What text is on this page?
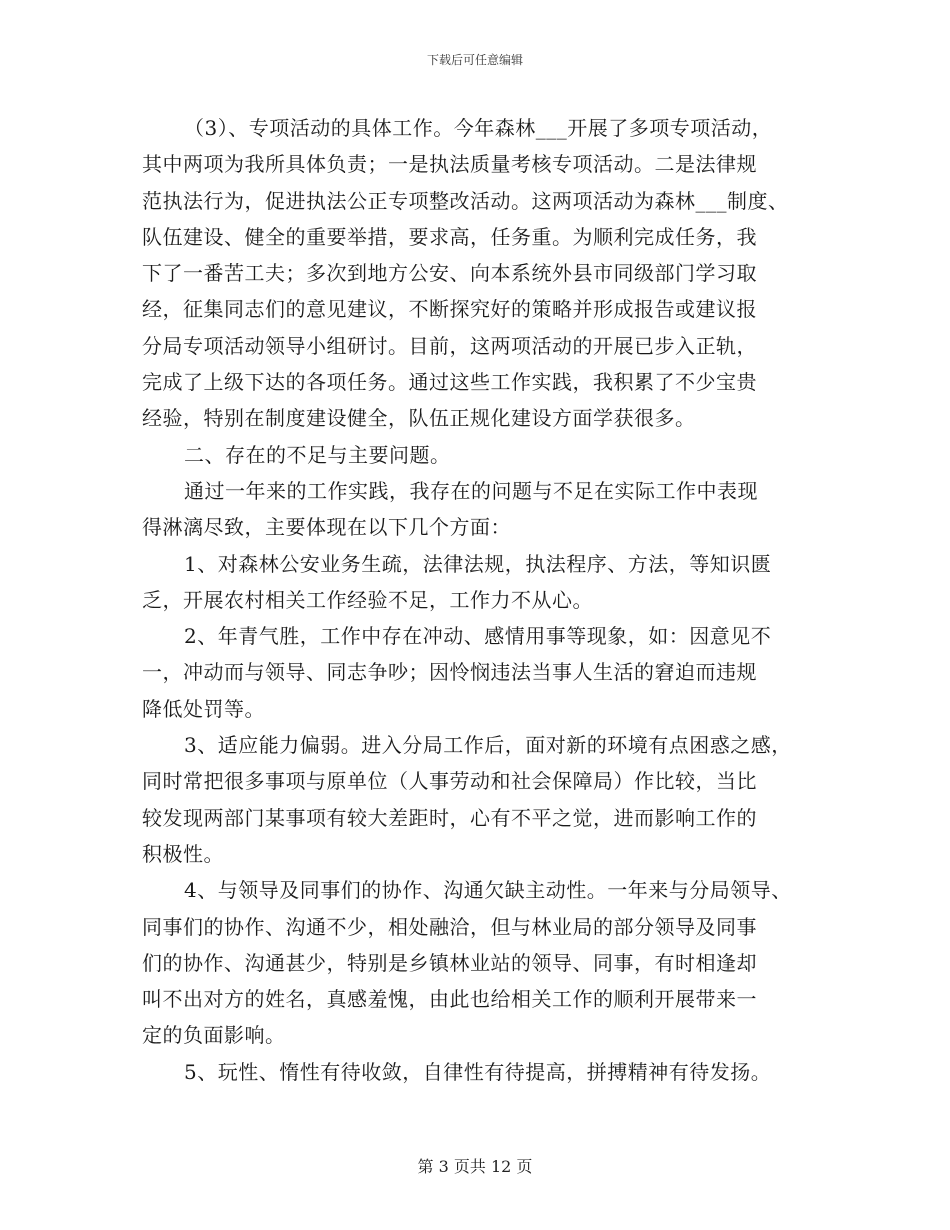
下载后可任意编辑
（3）、专项活动的具体工作。今年森林___开展了多项专项活动，
其中两项为我所具体负责；一是执法质量考核专项活动。二是法律规
范执法行为，促进执法公正专项整改活动。这两项活动为森林___制度、
队伍建设、健全的重要举措，要求高，任务重。为顺利完成任务，我
下了一番苦工夫；多次到地方公安、向本系统外县市同级部门学习取
经，征集同志们的意见建议，不断探究好的策略并形成报告或建议报
分局专项活动领导小组研讨。目前，这两项活动的开展已步入正轨，
完成了上级下达的各项任务。通过这些工作实践，我积累了不少宝贵
经验，特别在制度建设健全，队伍正规化建设方面学获很多。
二、存在的不足与主要问题。
通过一年来的工作实践，我存在的问题与不足在实际工作中表现
得淋漓尽致，主要体现在以下几个方面：
1、对森林公安业务生疏，法律法规，执法程序、方法，等知识匮
乏，开展农村相关工作经验不足，工作力不从心。
2、年青气胜，工作中存在冲动、感情用事等现象，如：因意见不
一，冲动而与领导、同志争吵；因怜悯违法当事人生活的窘迫而违规
降低处罚等。
3、适应能力偏弱。进入分局工作后，面对新的环境有点困惑之感，
同时常把很多事项与原单位（人事劳动和社会保障局）作比较，当比
较发现两部门某事项有较大差距时，心有不平之觉，进而影响工作的
积极性。
4、与领导及同事们的协作、沟通欠缺主动性。一年来与分局领导、
同事们的协作、沟通不少，相处融洽，但与林业局的部分领导及同事
们的协作、沟通甚少，特别是乡镇林业站的领导、同事，有时相逢却
叫不出对方的姓名，真感羞愧，由此也给相关工作的顺利开展带来一
定的负面影响。
5、玩性、惰性有待收敛，自律性有待提高，拼搏精神有待发扬。
第 3 页共 12 页
